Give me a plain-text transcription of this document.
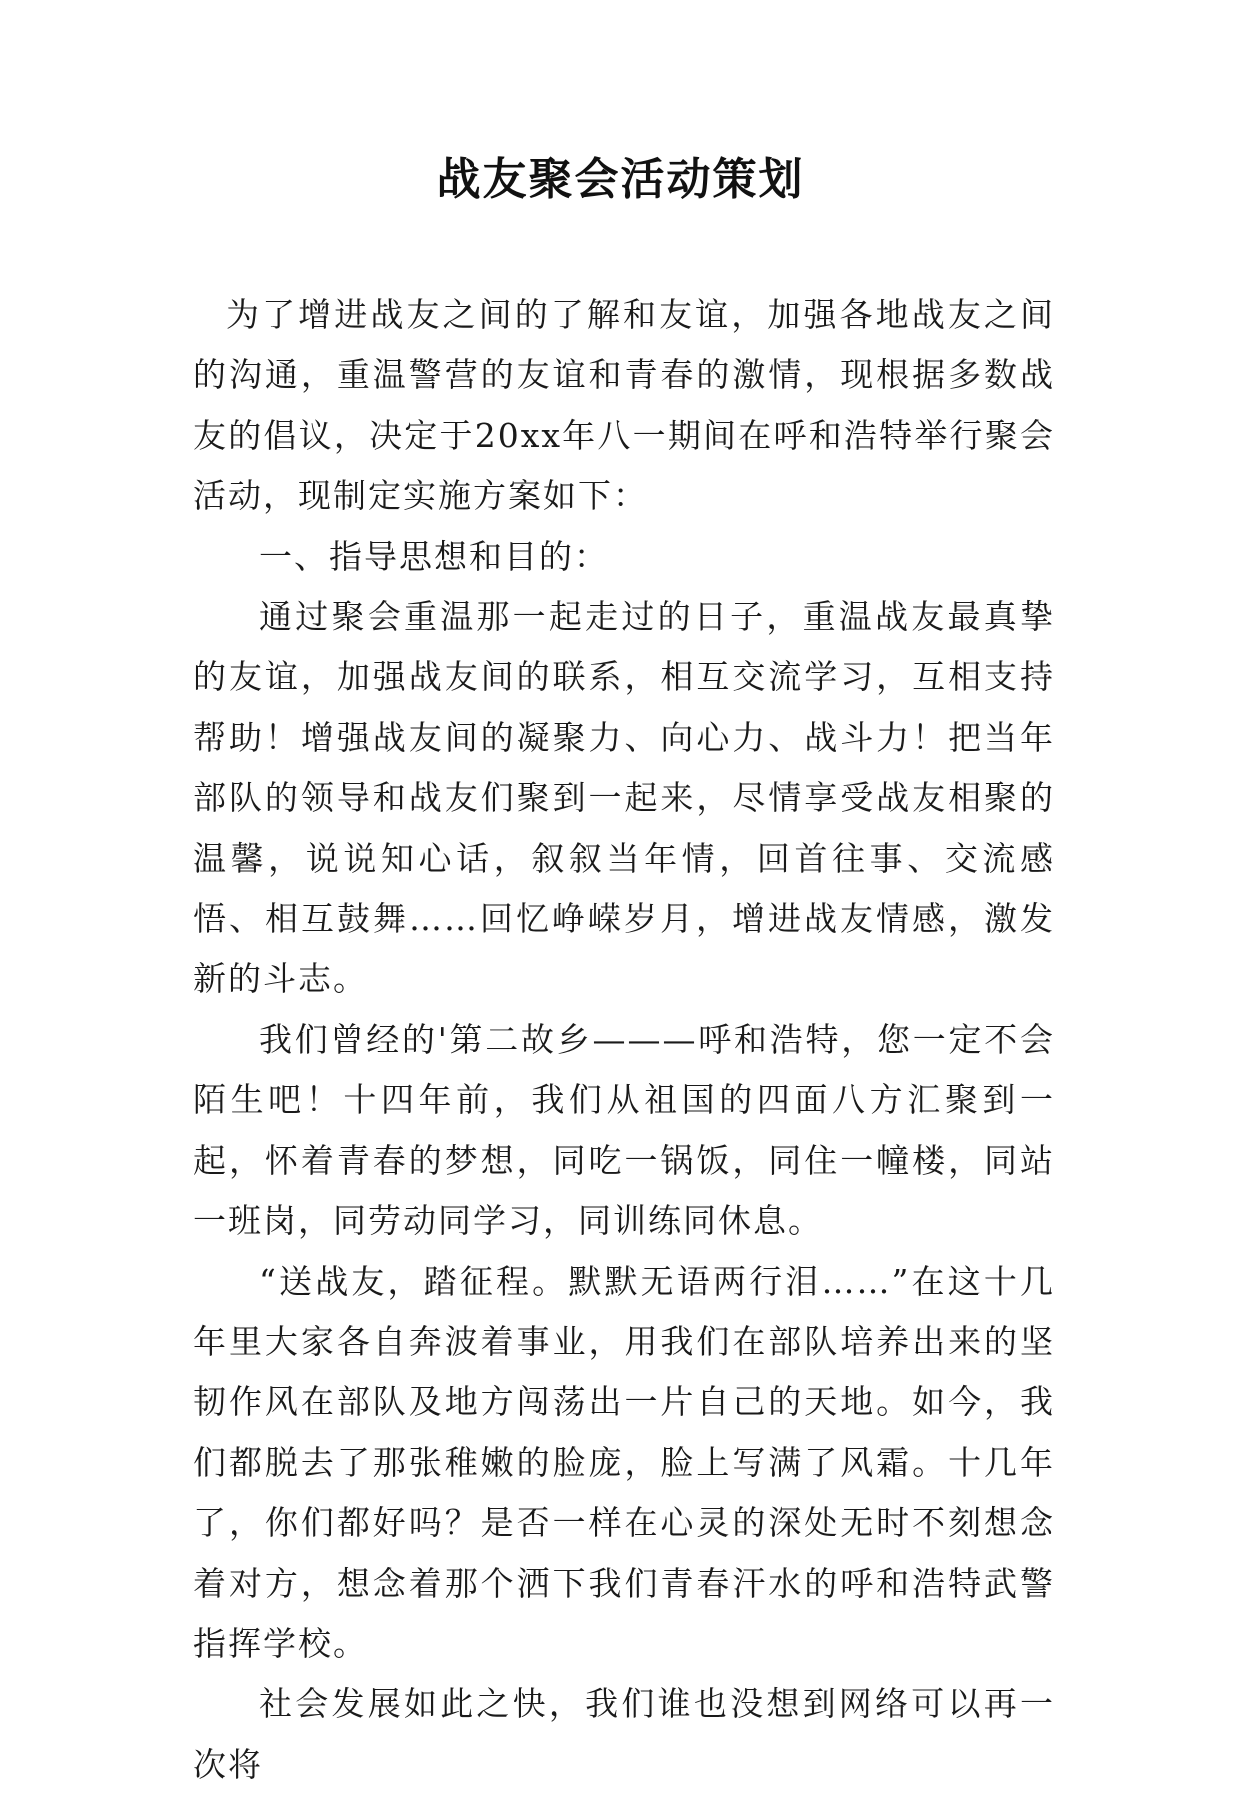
战友聚会活动策划

为了增进战友之间的了解和友谊，加强各地战友之间的沟通，重温警营的友谊和青春的激情，现根据多数战友的倡议，决定于20xx年八一期间在呼和浩特举行聚会活动，现制定实施方案如下：

一、指导思想和目的：

通过聚会重温那一起走过的日子，重温战友最真挚的友谊，加强战友间的联系，相互交流学习，互相支持帮助！增强战友间的凝聚力、向心力、战斗力！把当年部队的领导和战友们聚到一起来，尽情享受战友相聚的温馨，说说知心话，叙叙当年情，回首往事、交流感悟、相互鼓舞……回忆峥嵘岁月，增进战友情感，激发新的斗志。

我们曾经的'第二故乡———呼和浩特，您一定不会陌生吧！十四年前，我们从祖国的四面八方汇聚到一起，怀着青春的梦想，同吃一锅饭，同住一幢楼，同站一班岗，同劳动同学习，同训练同休息。

“送战友，踏征程。默默无语两行泪……”在这十几年里大家各自奔波着事业，用我们在部队培养出来的坚韧作风在部队及地方闯荡出一片自己的天地。如今，我们都脱去了那张稚嫩的脸庞，脸上写满了风霜。十几年了，你们都好吗？是否一样在心灵的深处无时不刻想念着对方，想念着那个洒下我们青春汗水的呼和浩特武警指挥学校。

社会发展如此之快，我们谁也没想到网络可以再一次将
